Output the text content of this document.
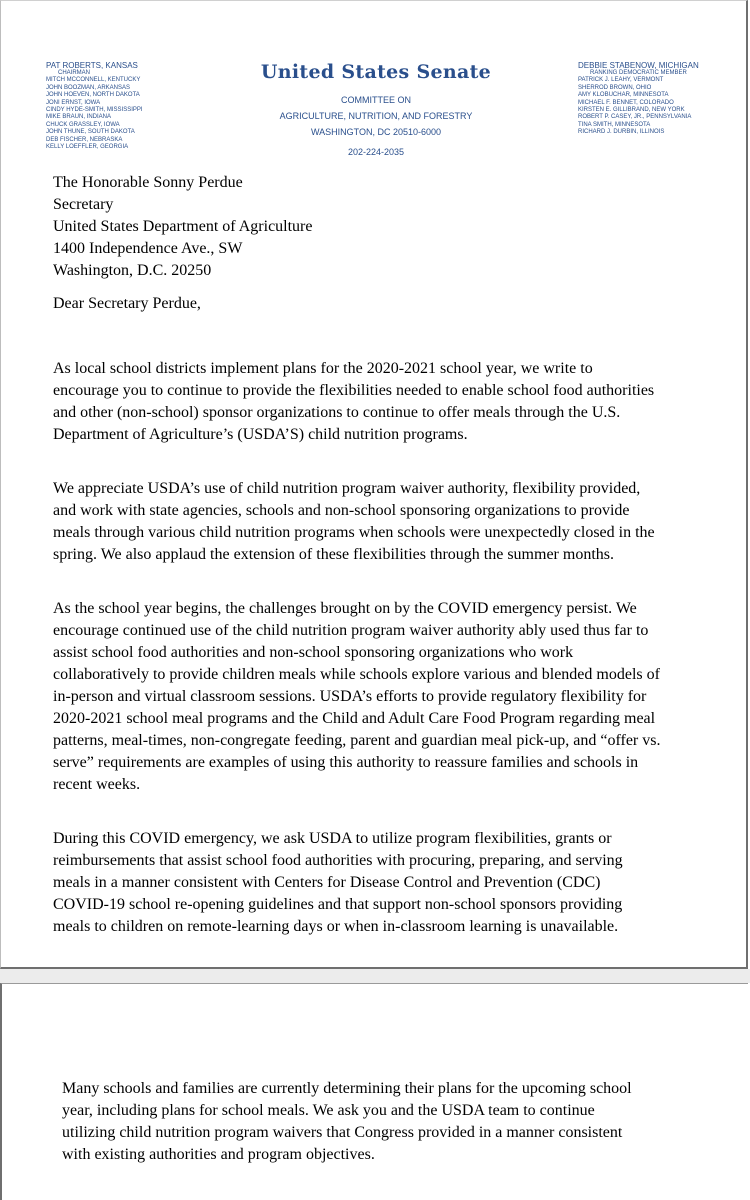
PAT ROBERTS, KANSAS
CHAIRMAN
MITCH MCCONNELL, KENTUCKY
JOHN BOOZMAN, ARKANSAS
JOHN HOEVEN, NORTH DAKOTA
JONI ERNST, IOWA
CINDY HYDE-SMITH, MISSISSIPPI
MIKE BRAUN, INDIANA
CHUCK GRASSLEY, IOWA
JOHN THUNE, SOUTH DAKOTA
DEB FISCHER, NEBRASKA
KELLY LOEFFLER, GEORGIA
United States Senate
COMMITTEE ON
AGRICULTURE, NUTRITION, AND FORESTRY
WASHINGTON, DC 20510-6000
202-224-2035
DEBBIE STABENOW, MICHIGAN
RANKING DEMOCRATIC MEMBER
PATRICK J. LEAHY, VERMONT
SHERROD BROWN, OHIO
AMY KLOBUCHAR, MINNESOTA
MICHAEL F. BENNET, COLORADO
KIRSTEN E. GILLIBRAND, NEW YORK
ROBERT P. CASEY, JR., PENNSYLVANIA
TINA SMITH, MINNESOTA
RICHARD J. DURBIN, ILLINOIS
The Honorable Sonny Perdue
Secretary
United States Department of Agriculture
1400 Independence Ave., SW
Washington, D.C. 20250
Dear Secretary Perdue,

As local school districts implement plans for the 2020-2021 school year, we write to
encourage you to continue to provide the flexibilities needed to enable school food authorities
and other (non-school) sponsor organizations to continue to offer meals through the U.S.
Department of Agriculture’s (USDA’S) child nutrition programs.

We appreciate USDA’s use of child nutrition program waiver authority, flexibility provided,
and work with state agencies, schools and non-school sponsoring organizations to provide
meals through various child nutrition programs when schools were unexpectedly closed in the
spring. We also applaud the extension of these flexibilities through the summer months.

As the school year begins, the challenges brought on by the COVID emergency persist. We
encourage continued use of the child nutrition program waiver authority ably used thus far to
assist school food authorities and non-school sponsoring organizations who work
collaboratively to provide children meals while schools explore various and blended models of
in-person and virtual classroom sessions. USDA’s efforts to provide regulatory flexibility for
2020-2021 school meal programs and the Child and Adult Care Food Program regarding meal
patterns, meal-times, non-congregate feeding, parent and guardian meal pick-up, and “offer vs.
serve” requirements are examples of using this authority to reassure families and schools in
recent weeks.

During this COVID emergency, we ask USDA to utilize program flexibilities, grants or
reimbursements that assist school food authorities with procuring, preparing, and serving
meals in a manner consistent with Centers for Disease Control and Prevention (CDC)
COVID-19 school re-opening guidelines and that support non-school sponsors providing
meals to children on remote-learning days or when in-classroom learning is unavailable.

Many schools and families are currently determining their plans for the upcoming school
year, including plans for school meals. We ask you and the USDA team to continue
utilizing child nutrition program waivers that Congress provided in a manner consistent
with existing authorities and program objectives.
